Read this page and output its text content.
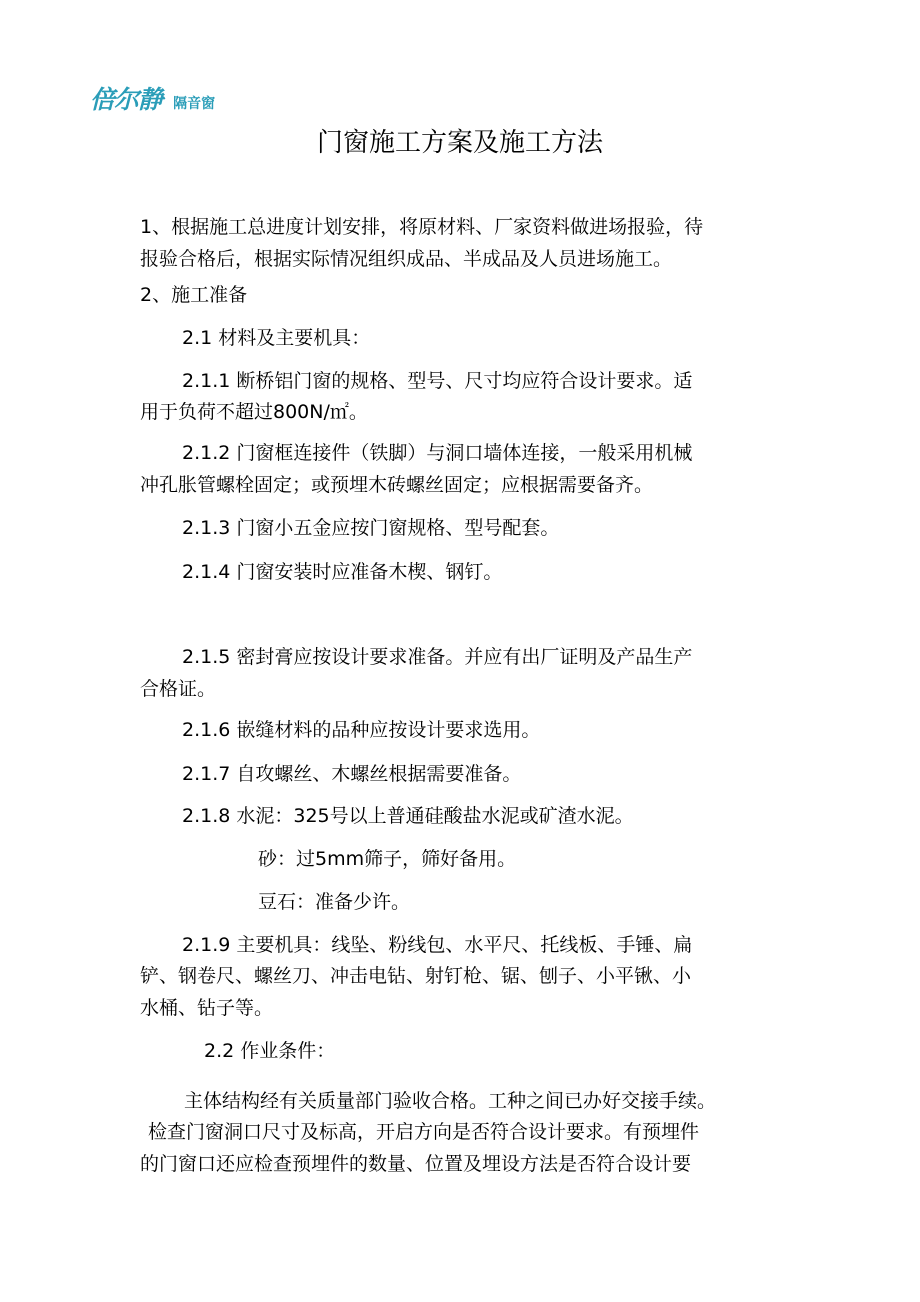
倍尔静 隔音窗
门窗施工方案及施工方法
1、根据施工总进度计划安排，将原材料、厂家资料做进场报验，待
报验合格后，根据实际情况组织成品、半成品及人员进场施工。
2、施工准备
2.1 材料及主要机具：
2.1.1 断桥铝门窗的规格、型号、尺寸均应符合设计要求。适
用于负荷不超过800N/㎡。
2.1.2 门窗框连接件（铁脚）与洞口墙体连接，一般采用机械
冲孔胀管螺栓固定；或预埋木砖螺丝固定；应根据需要备齐。
2.1.3 门窗小五金应按门窗规格、型号配套。
2.1.4 门窗安装时应准备木楔、钢钉。
2.1.5 密封膏应按设计要求准备。并应有出厂证明及产品生产
合格证。
2.1.6 嵌缝材料的品种应按设计要求选用。
2.1.7 自攻螺丝、木螺丝根据需要准备。
2.1.8 水泥：325号以上普通硅酸盐水泥或矿渣水泥。
砂：过5mm筛子，筛好备用。
豆石：准备少许。
2.1.9 主要机具：线坠、粉线包、水平尺、托线板、手锤、扁
铲、钢卷尺、螺丝刀、冲击电钻、射钉枪、锯、刨子、小平锹、小
水桶、钻子等。
2.2 作业条件：
主体结构经有关质量部门验收合格。工种之间已办好交接手续。
检查门窗洞口尺寸及标高，开启方向是否符合设计要求。有预埋件
的门窗口还应检查预埋件的数量、位置及埋设方法是否符合设计要
